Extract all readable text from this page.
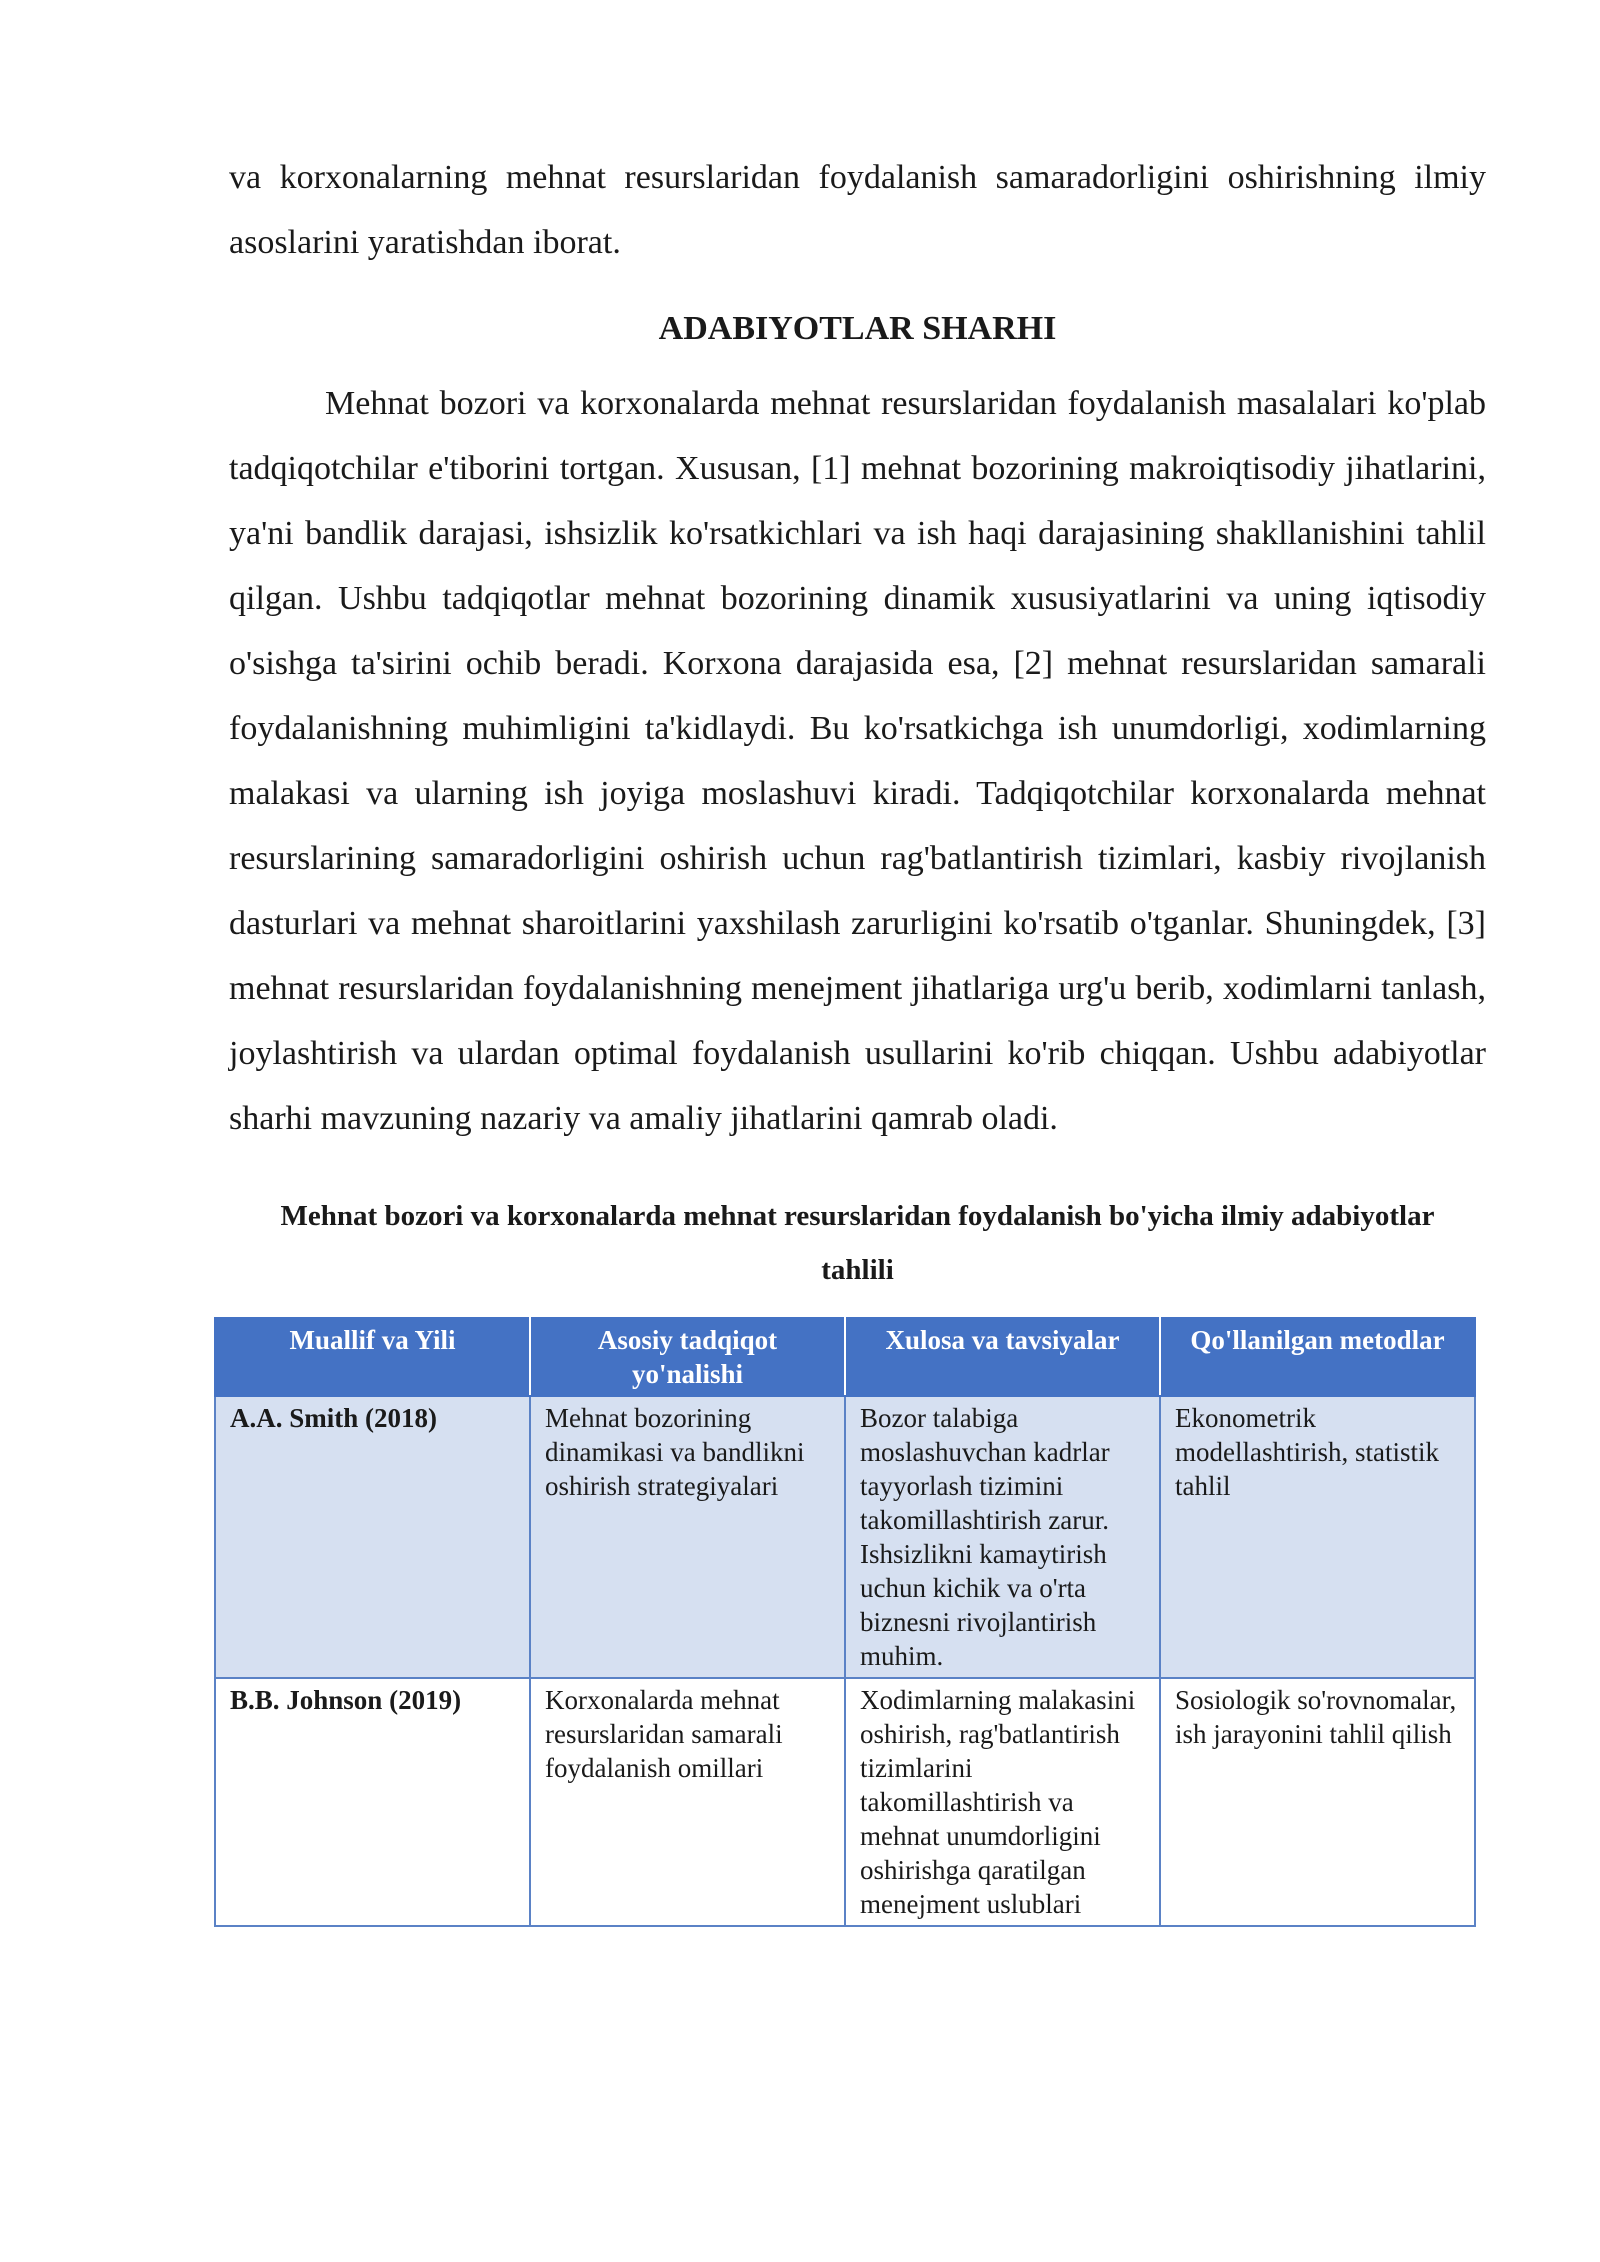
va korxonalarning mehnat resurslaridan foydalanish samaradorligini oshirishning ilmiy asoslarini yaratishdan iborat.

ADABIYOTLAR SHARHI

Mehnat bozori va korxonalarda mehnat resurslaridan foydalanish masalalari ko'plab tadqiqotchilar e'tiborini tortgan. Xususan, [1] mehnat bozorining makroiqtisodiy jihatlarini, ya'ni bandlik darajasi, ishsizlik ko'rsatkichlari va ish haqi darajasining shakllanishini tahlil qilgan. Ushbu tadqiqotlar mehnat bozorining dinamik xususiyatlarini va uning iqtisodiy o'sishga ta'sirini ochib beradi. Korxona darajasida esa, [2] mehnat resurslaridan samarali foydalanishning muhimligini ta'kidlaydi. Bu ko'rsatkichga ish unumdorligi, xodimlarning malakasi va ularning ish joyiga moslashuvi kiradi. Tadqiqotchilar korxonalarda mehnat resurslarining samaradorligini oshirish uchun rag'batlantirish tizimlari, kasbiy rivojlanish dasturlari va mehnat sharoitlarini yaxshilash zarurligini ko'rsatib o'tganlar. Shuningdek, [3] mehnat resurslaridan foydalanishning menejment jihatlariga urg'u berib, xodimlarni tanlash, joylashtirish va ulardan optimal foydalanish usullarini ko'rib chiqqan. Ushbu adabiyotlar sharhi mavzuning nazariy va amaliy jihatlarini qamrab oladi.

Mehnat bozori va korxonalarda mehnat resurslaridan foydalanish bo'yicha ilmiy adabiyotlar tahlili
Muallif va Yili	Asosiy tadqiqot yo'nalishi	Xulosa va tavsiyalar	Qo'llanilgan metodlar
A.A. Smith (2018)	Mehnat bozorining dinamikasi va bandlikni oshirish strategiyalari	Bozor talabiga moslashuvchan kadrlar tayyorlash tizimini takomillashtirish zarur. Ishsizlikni kamaytirish uchun kichik va o'rta biznesni rivojlantirish muhim.	Ekonometrik modellashtirish, statistik tahlil
B.B. Johnson (2019)	Korxonalarda mehnat resurslaridan samarali foydalanish omillari	Xodimlarning malakasini oshirish, rag'batlantirish tizimlarini takomillashtirish va mehnat unumdorligini oshirishga qaratilgan menejment uslublari	Sosiologik so'rovnomalar, ish jarayonini tahlil qilish
